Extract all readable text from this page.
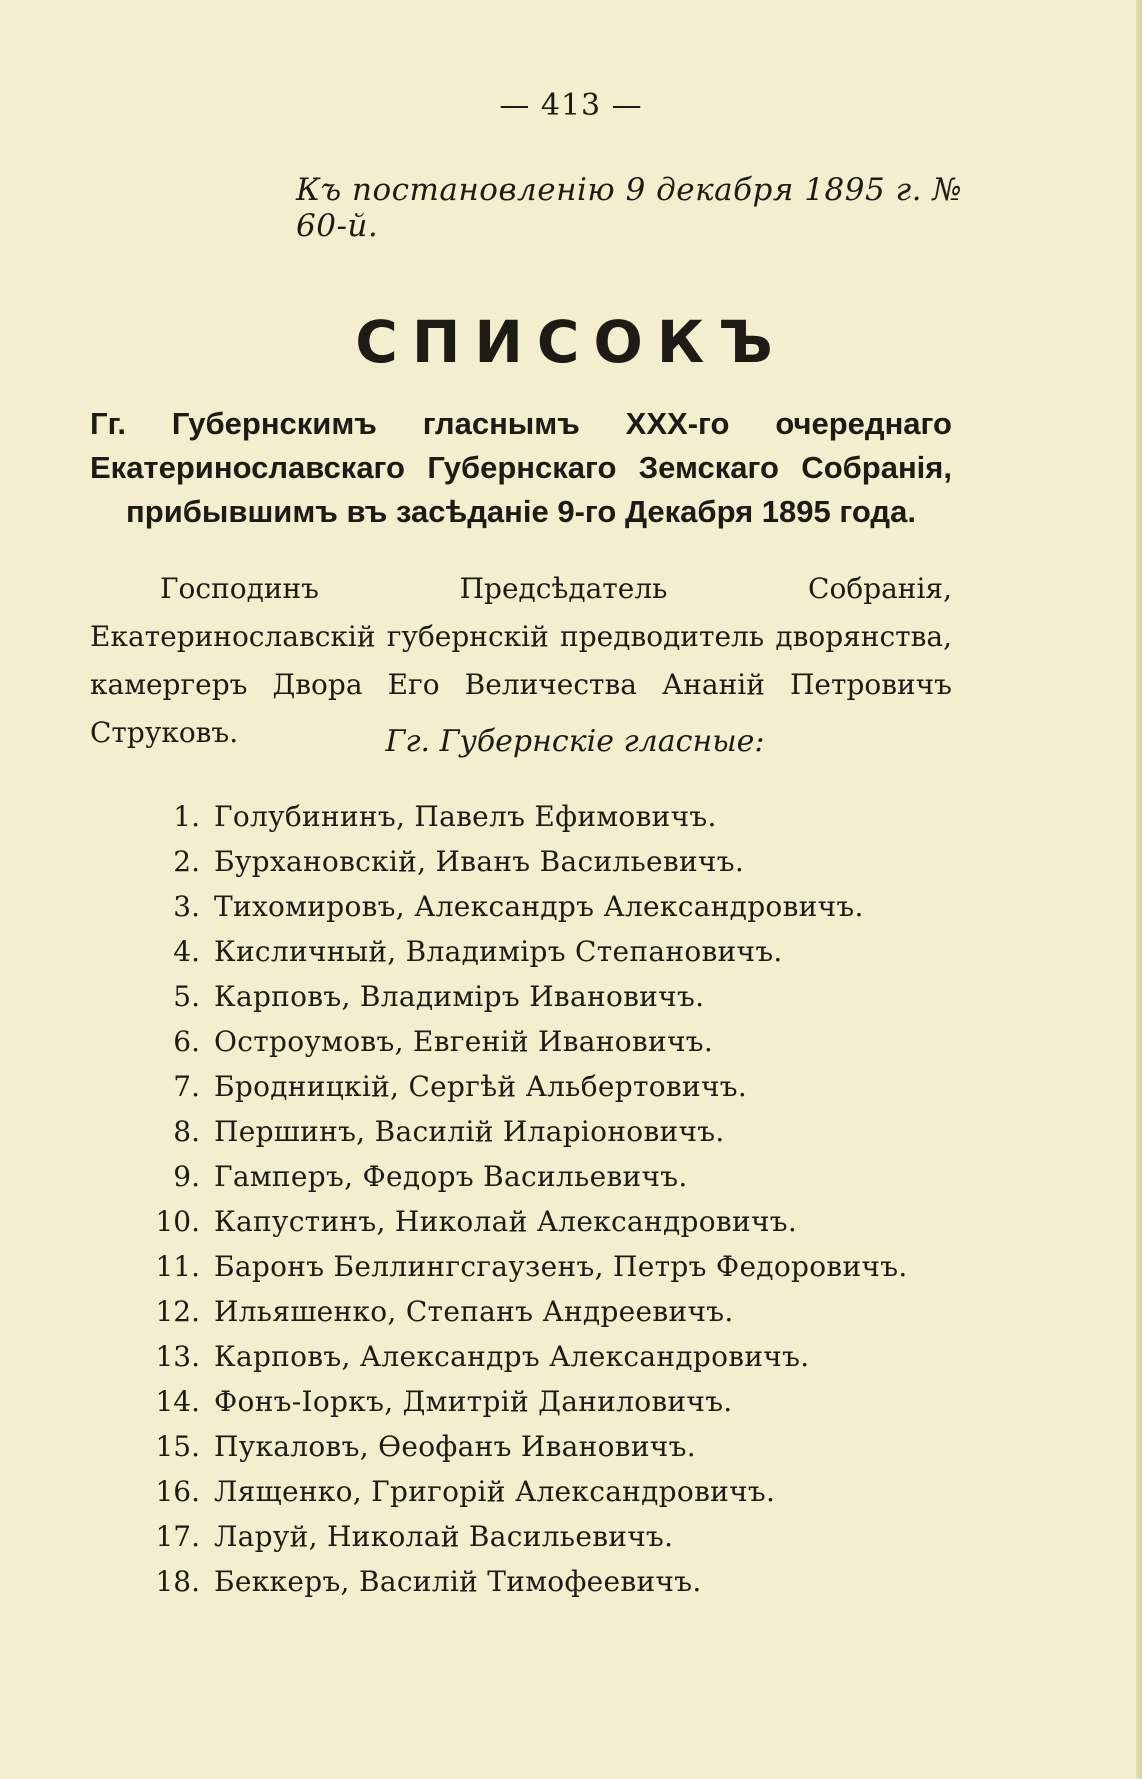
— 413 —
Къ постановленію 9 декабря 1895 г. № 60-й.
СПИСОКЪ
Гг. Губернскимъ гласнымъ XXX-го очереднаго Екатеринославскаго Губернскаго Земскаго Собранія, прибывшимъ въ засѣданіе 9-го Декабря 1895 года.
Господинъ Предсѣдатель Собранія, Екатеринославскій губернскій предводитель дворянства, камергеръ Двора Его Величества Ананій Петровичъ Струковъ.	Гг. Губернскіе гласные:
1. Голубининъ, Павелъ Ефимовичъ.
2. Бурхановскій, Иванъ Васильевичъ.
3. Тихомировъ, Александръ Александровичъ.
4. Кисличный, Владиміръ Степановичъ.
5. Карповъ, Владиміръ Ивановичъ.
6. Остроумовъ, Евгеній Ивановичъ.
7. Бродницкій, Сергѣй Альбертовичъ.
8. Першинъ, Василій Иларіоновичъ.
9. Гамперъ, Федоръ Васильевичъ.
10. Капустинъ, Николай Александровичъ.
11. Баронъ Беллингсгаузенъ, Петръ Федоровичъ.
12. Ильяшенко, Степанъ Андреевичъ.
13. Карповъ, Александръ Александровичъ.
14. Фонъ-Іоркъ, Дмитрій Даниловичъ.
15. Пукаловъ, Ѳеофанъ Ивановичъ.
16. Лященко, Григорій Александровичъ.
17. Ларуй, Николай Васильевичъ.
18. Беккеръ, Василій Тимофеевичъ.
